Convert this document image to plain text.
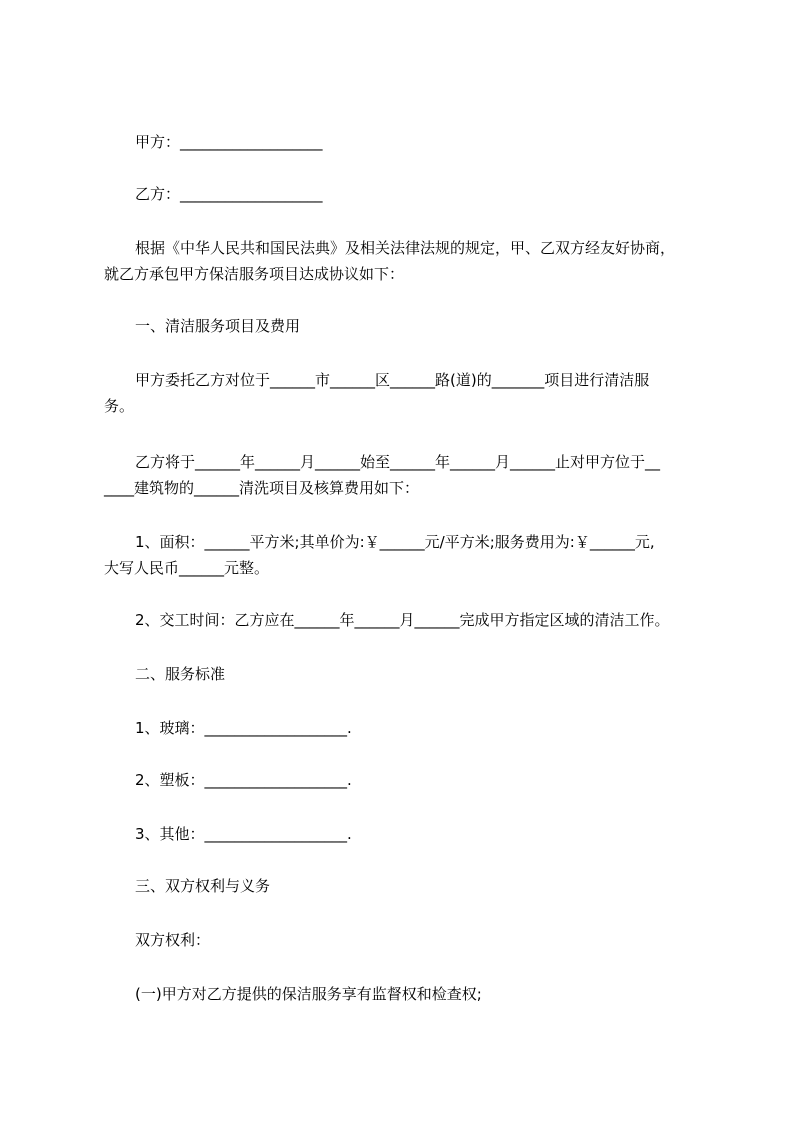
甲方：___________________

乙方：___________________

根据《中华人民共和国民法典》及相关法律法规的规定，甲、乙双方经友好协商，

就乙方承包甲方保洁服务项目达成协议如下：

一、清洁服务项目及费用

甲方委托乙方对位于______市______区______路(道)的_______项目进行清洁服

务。

乙方将于______年______月______始至______年______月______止对甲方位于__

____建筑物的______清洗项目及核算费用如下：

1、面积：______平方米;其单价为:￥______元/平方米;服务费用为:￥______元,

大写人民币______元整。

2、交工时间：乙方应在______年______月______完成甲方指定区域的清洁工作。

二、服务标准

1、玻璃：___________________.

2、塑板：___________________.

3、其他：___________________.

三、双方权利与义务

双方权利：

(一)甲方对乙方提供的保洁服务享有监督权和检查权;
